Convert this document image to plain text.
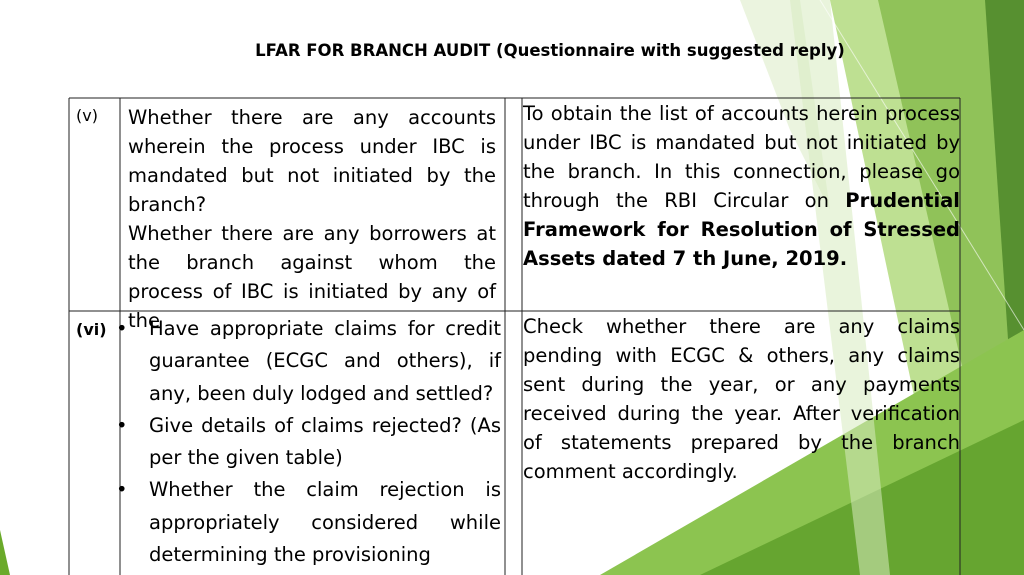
LFAR FOR BRANCH AUDIT (Questionnaire with suggested reply)
(v) Whether there are any accounts wherein the process under IBC is mandated but not initiated by the branch?
Whether there are any borrowers at the branch against whom the process of IBC is initiated by any of the
To obtain the list of accounts herein process under IBC is mandated but not initiated by the branch. In this connection, please go through the RBI Circular on Prudential Framework for Resolution of Stressed Assets dated 7 th June, 2019.
(vi) • Have appropriate claims for credit guarantee (ECGC and others), if any, been duly lodged and settled?
• Give details of claims rejected? (As per the given table)
• Whether the claim rejection is appropriately considered while determining the provisioning
Check whether there are any claims pending with ECGC & others, any claims sent during the year, or any payments received during the year. After verification of statements prepared by the branch comment accordingly.
